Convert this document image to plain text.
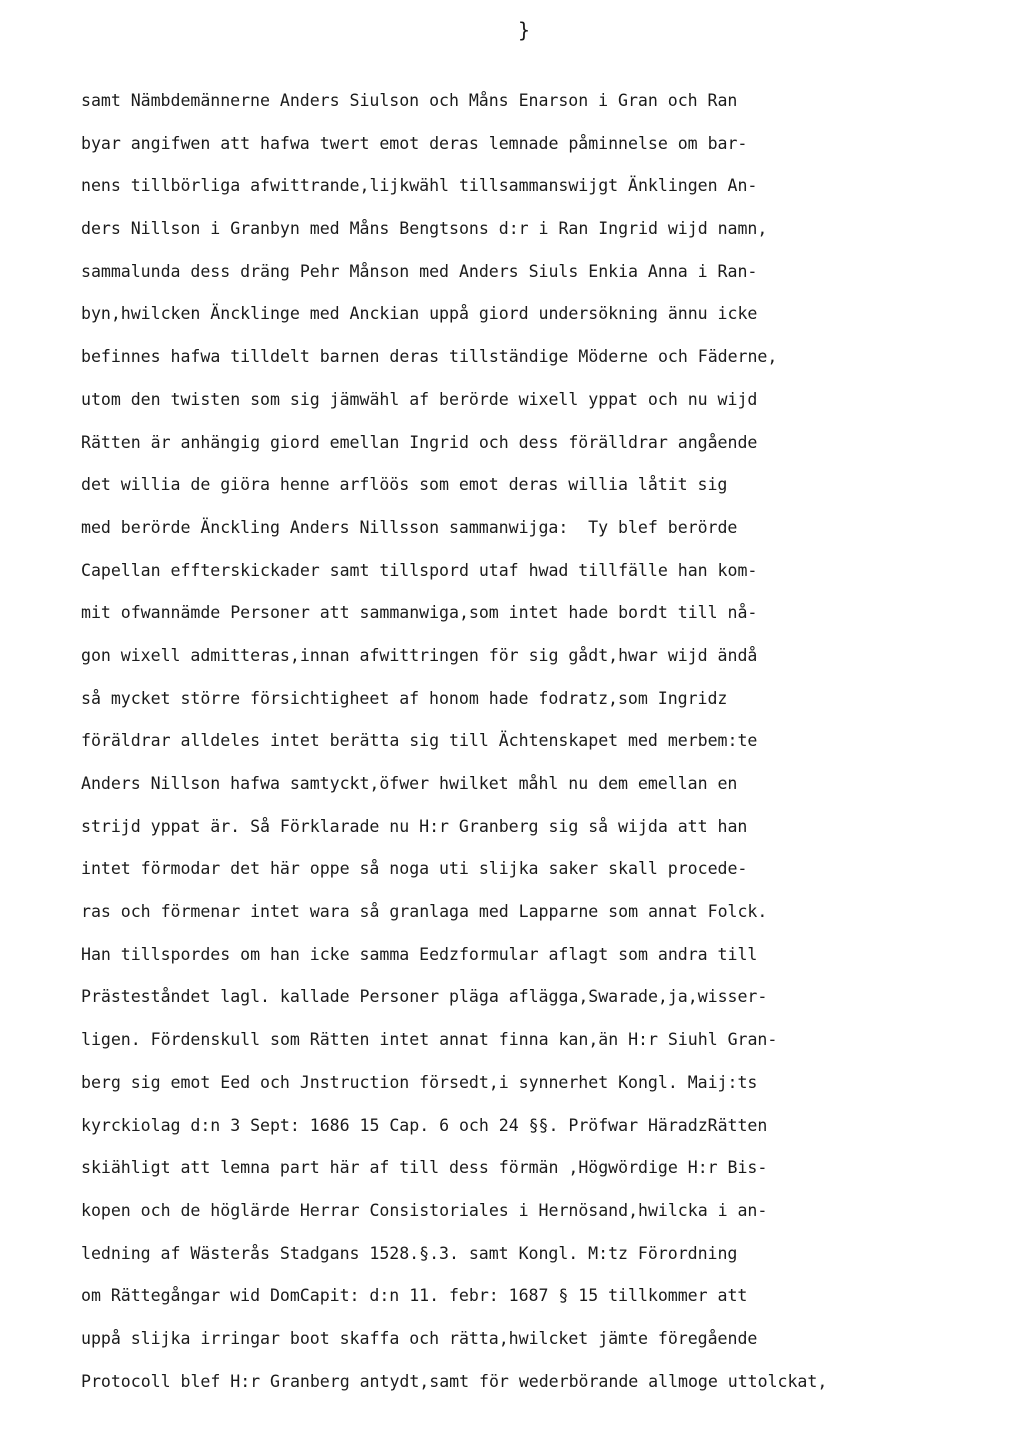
}
samt Nämbdemännerne Anders Siulson och Måns Enarson i Gran och Ran
byar angifwen att hafwa twert emot deras lemnade påminnelse om bar-
nens tillbörliga afwittrande,lijkwähl tillsammanswijgt Änklingen An-
ders Nillson i Granbyn med Måns Bengtsons d:r i Ran Ingrid wijd namn,
sammalunda dess dräng Pehr Månson med Anders Siuls Enkia Anna i Ran-
byn,hwilcken Äncklinge med Anckian uppå giord undersökning ännu icke
befinnes hafwa tilldelt barnen deras tillständige Möderne och Fäderne,
utom den twisten som sig jämwähl af berörde wixell yppat och nu wijd
Rätten är anhängig giord emellan Ingrid och dess förälldrar angående
det willia de giöra henne arflöös som emot deras willia låtit sig
med berörde Änckling Anders Nillsson sammanwijga:  Ty blef berörde
Capellan effterskickader samt tillspord utaf hwad tillfälle han kom-
mit ofwannämde Personer att sammanwiga,som intet hade bordt till nå-
gon wixell admitteras,innan afwittringen för sig gådt,hwar wijd ändå
så mycket större försichtigheet af honom hade fodratz,som Ingridz
föräldrar alldeles intet berätta sig till Ächtenskapet med merbem:te
Anders Nillson hafwa samtyckt,öfwer hwilket måhl nu dem emellan en
strijd yppat är. Så Förklarade nu H:r Granberg sig så wijda att han
intet förmodar det här oppe så noga uti slijka saker skall procede-
ras och förmenar intet wara så granlaga med Lapparne som annat Folck.
Han tillspordes om han icke samma Eedzformular aflagt som andra till
Prästeståndet lagl. kallade Personer pläga aflägga,Swarade,ja,wisser-
ligen. Fördenskull som Rätten intet annat finna kan,än H:r Siuhl Gran-
berg sig emot Eed och Jnstruction försedt,i synnerhet Kongl. Maij:ts
kyrckiolag d:n 3 Sept: 1686 15 Cap. 6 och 24 §§. Pröfwar HäradzRätten
skiähligt att lemna part här af till dess förmän ,Högwördige H:r Bis-
kopen och de höglärde Herrar Consistoriales i Hernösand,hwilcka i an-
ledning af Wästerås Stadgans 1528.§.3. samt Kongl. M:tz Förordning
om Rättegångar wid DomCapit: d:n 11. febr: 1687 § 15 tillkommer att
uppå slijka irringar boot skaffa och rätta,hwilcket jämte föregående
Protocoll blef H:r Granberg antydt,samt för wederbörande allmoge uttolckat,
